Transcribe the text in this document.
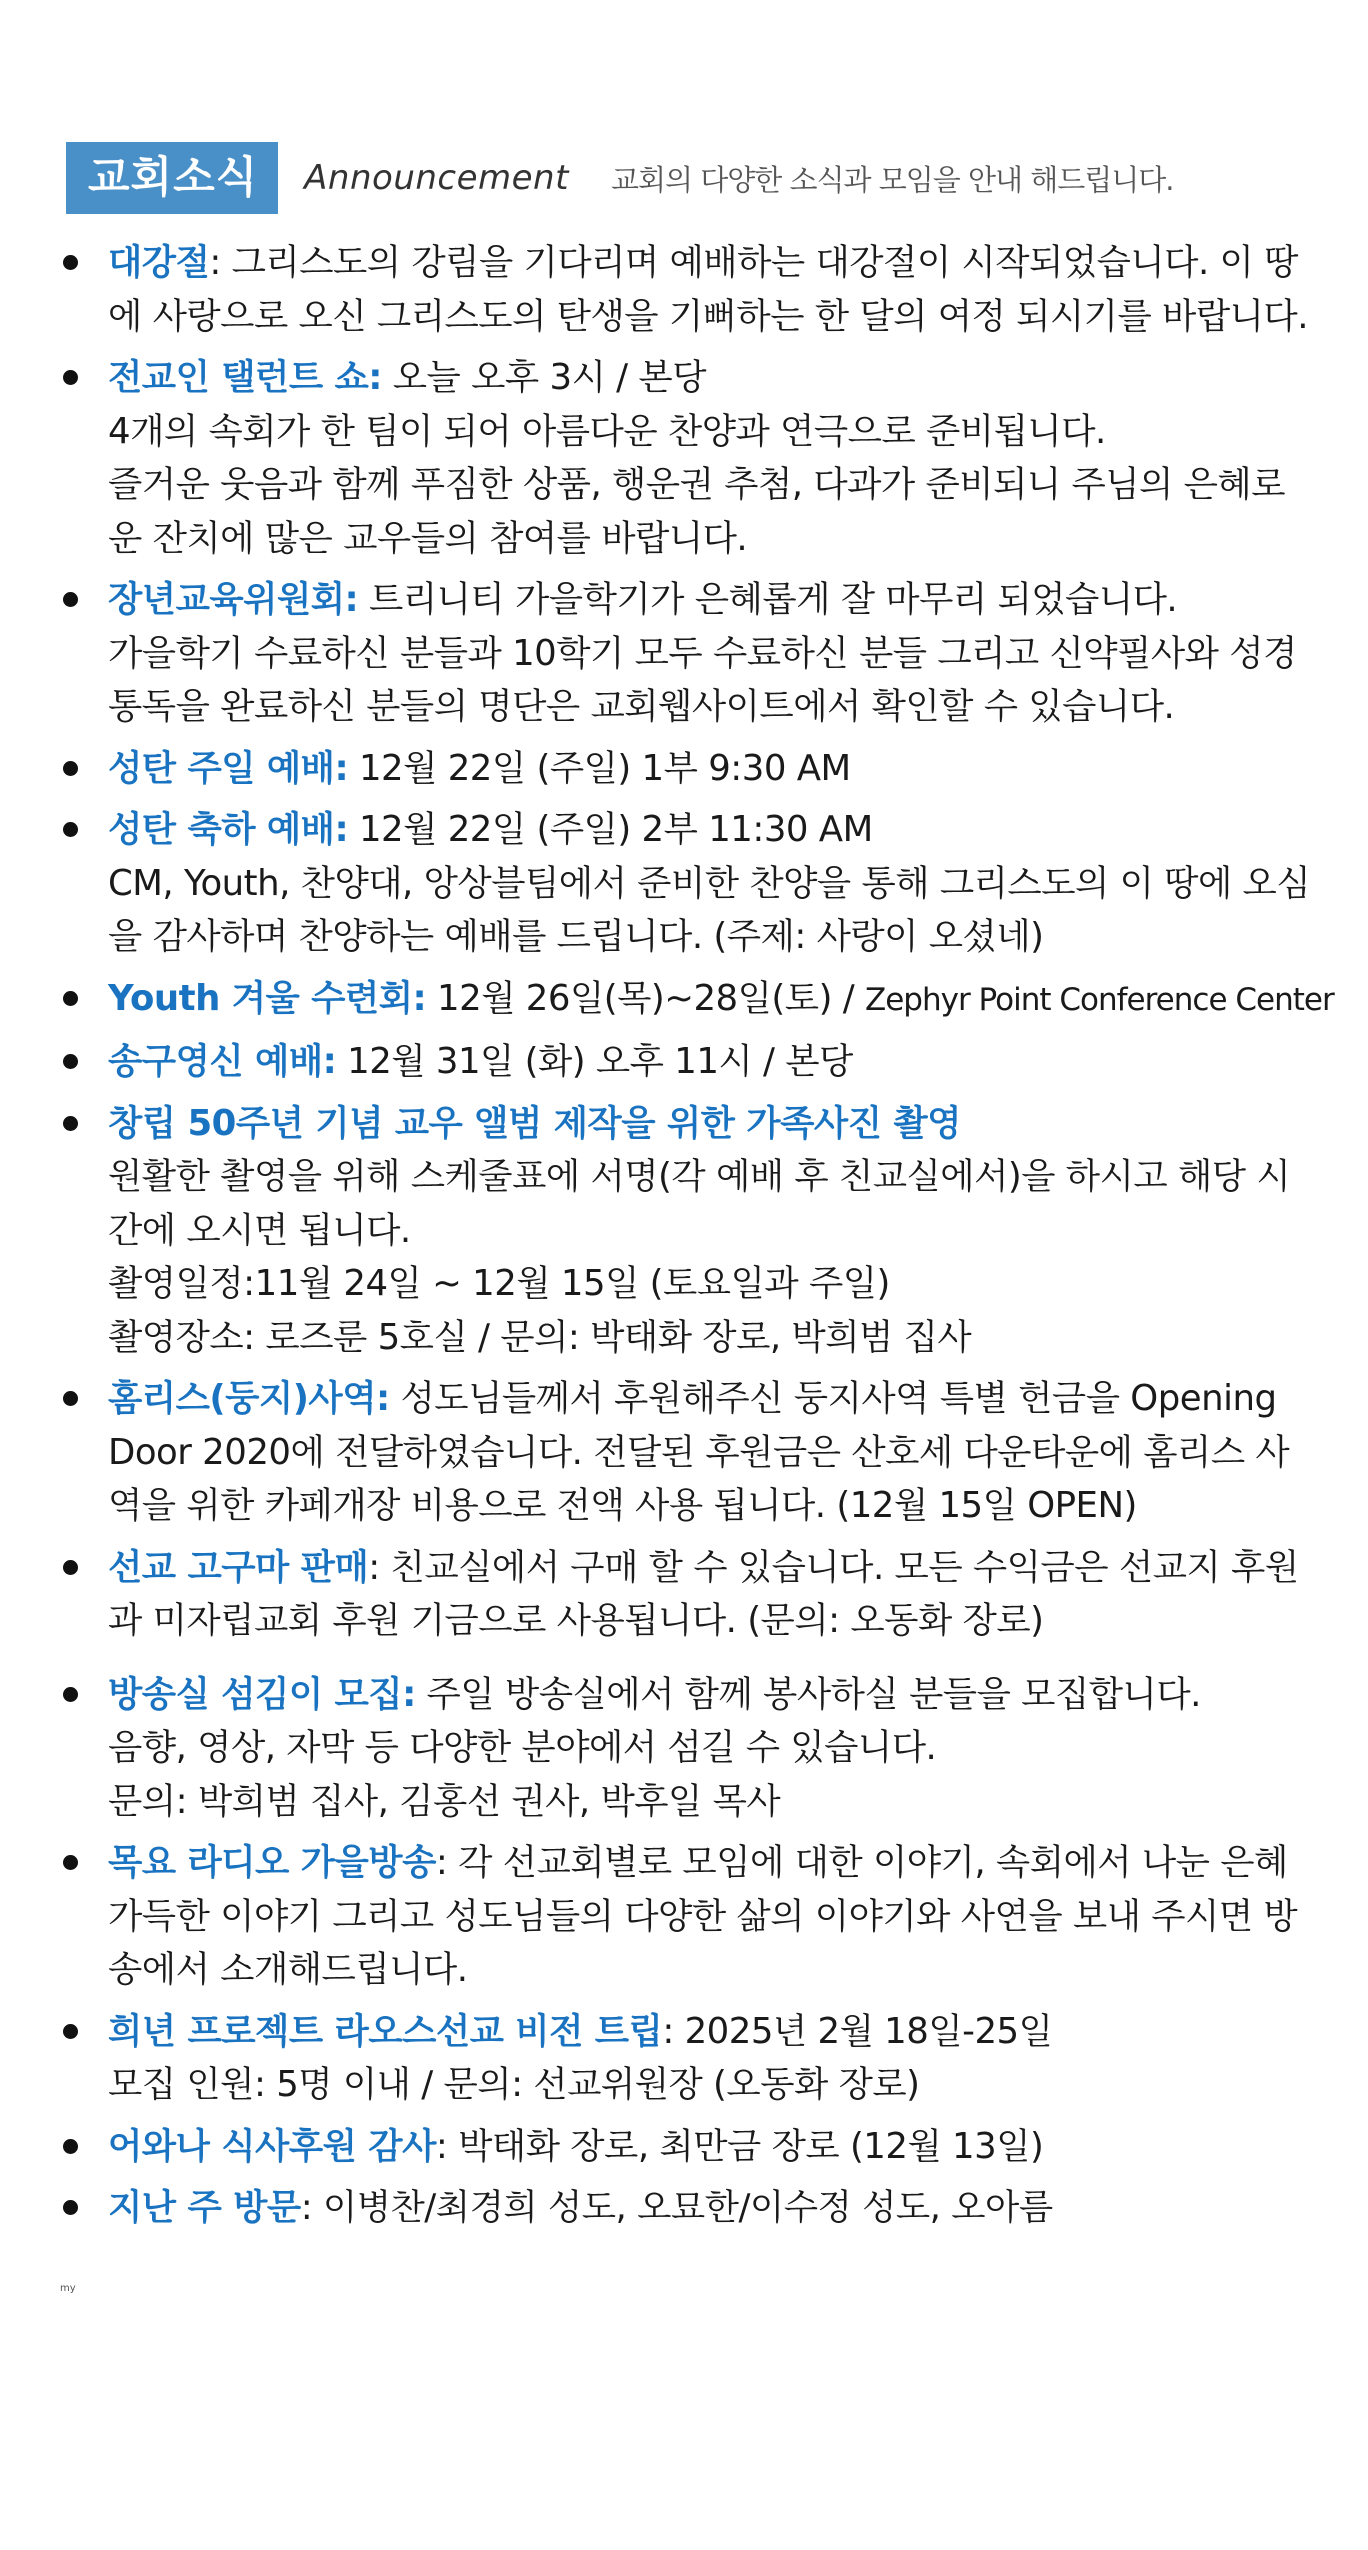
교회소식	Announcement 교회의 다양한 소식과 모임을 안내 해드립니다.
대강절: 그리스도의 강림을 기다리며 예배하는 대강절이 시작되었습니다. 이 땅
에 사랑으로 오신 그리스도의 탄생을 기뻐하는 한 달의 여정 되시기를 바랍니다.
전교인 탤런트 쇼: 오늘 오후 3시 / 본당
4개의 속회가 한 팀이 되어 아름다운 찬양과 연극으로 준비됩니다.
즐거운 웃음과 함께 푸짐한 상품, 행운권 추첨, 다과가 준비되니 주님의 은혜로
운 잔치에 많은 교우들의 참여를 바랍니다.
장년교육위원회: 트리니티 가을학기가 은혜롭게 잘 마무리 되었습니다.
가을학기 수료하신 분들과 10학기 모두 수료하신 분들 그리고 신약필사와 성경
통독을 완료하신 분들의 명단은 교회웹사이트에서 확인할 수 있습니다.
성탄 주일 예배: 12월 22일 (주일) 1부 9:30 AM
성탄 축하 예배: 12월 22일 (주일) 2부 11:30 AM
CM, Youth, 찬양대, 앙상블팀에서 준비한 찬양을 통해 그리스도의 이 땅에 오심
을 감사하며 찬양하는 예배를 드립니다. (주제: 사랑이 오셨네)
Youth 겨울 수련회: 12월 26일(목)~28일(토) / Zephyr Point Conference Center
송구영신 예배: 12월 31일 (화) 오후 11시 / 본당
창립 50주년 기념 교우 앨범 제작을 위한 가족사진 촬영
원활한 촬영을 위해 스케줄표에 서명(각 예배 후 친교실에서)을 하시고 해당 시
간에 오시면 됩니다.
촬영일정:11월 24일 ~ 12월 15일 (토요일과 주일)
촬영장소: 로즈룬 5호실 / 문의: 박태화 장로, 박희범 집사
홈리스(둥지)사역: 성도님들께서 후원해주신 둥지사역 특별 헌금을 Opening
Door 2020에 전달하였습니다. 전달된 후원금은 산호세 다운타운에 홈리스 사
역을 위한 카페개장 비용으로 전액 사용 됩니다. (12월 15일 OPEN)
선교 고구마 판매: 친교실에서 구매 할 수 있습니다. 모든 수익금은 선교지 후원
과 미자립교회 후원 기금으로 사용됩니다. (문의: 오동화 장로)
방송실 섬김이 모집: 주일 방송실에서 함께 봉사하실 분들을 모집합니다.
음향, 영상, 자막 등 다양한 분야에서 섬길 수 있습니다.
문의: 박희범 집사, 김홍선 권사, 박후일 목사
목요 라디오 가을방송: 각 선교회별로 모임에 대한 이야기, 속회에서 나눈 은혜
가득한 이야기 그리고 성도님들의 다양한 삶의 이야기와 사연을 보내 주시면 방
송에서 소개해드립니다.
희년 프로젝트 라오스선교 비전 트립: 2025년 2월 18일-25일
모집 인원: 5명 이내 / 문의: 선교위원장 (오동화 장로)
어와나 식사후원 감사: 박태화 장로, 최만금 장로 (12월 13일)
지난 주 방문: 이병찬/최경희 성도, 오묘한/이수정 성도, 오아름
my
